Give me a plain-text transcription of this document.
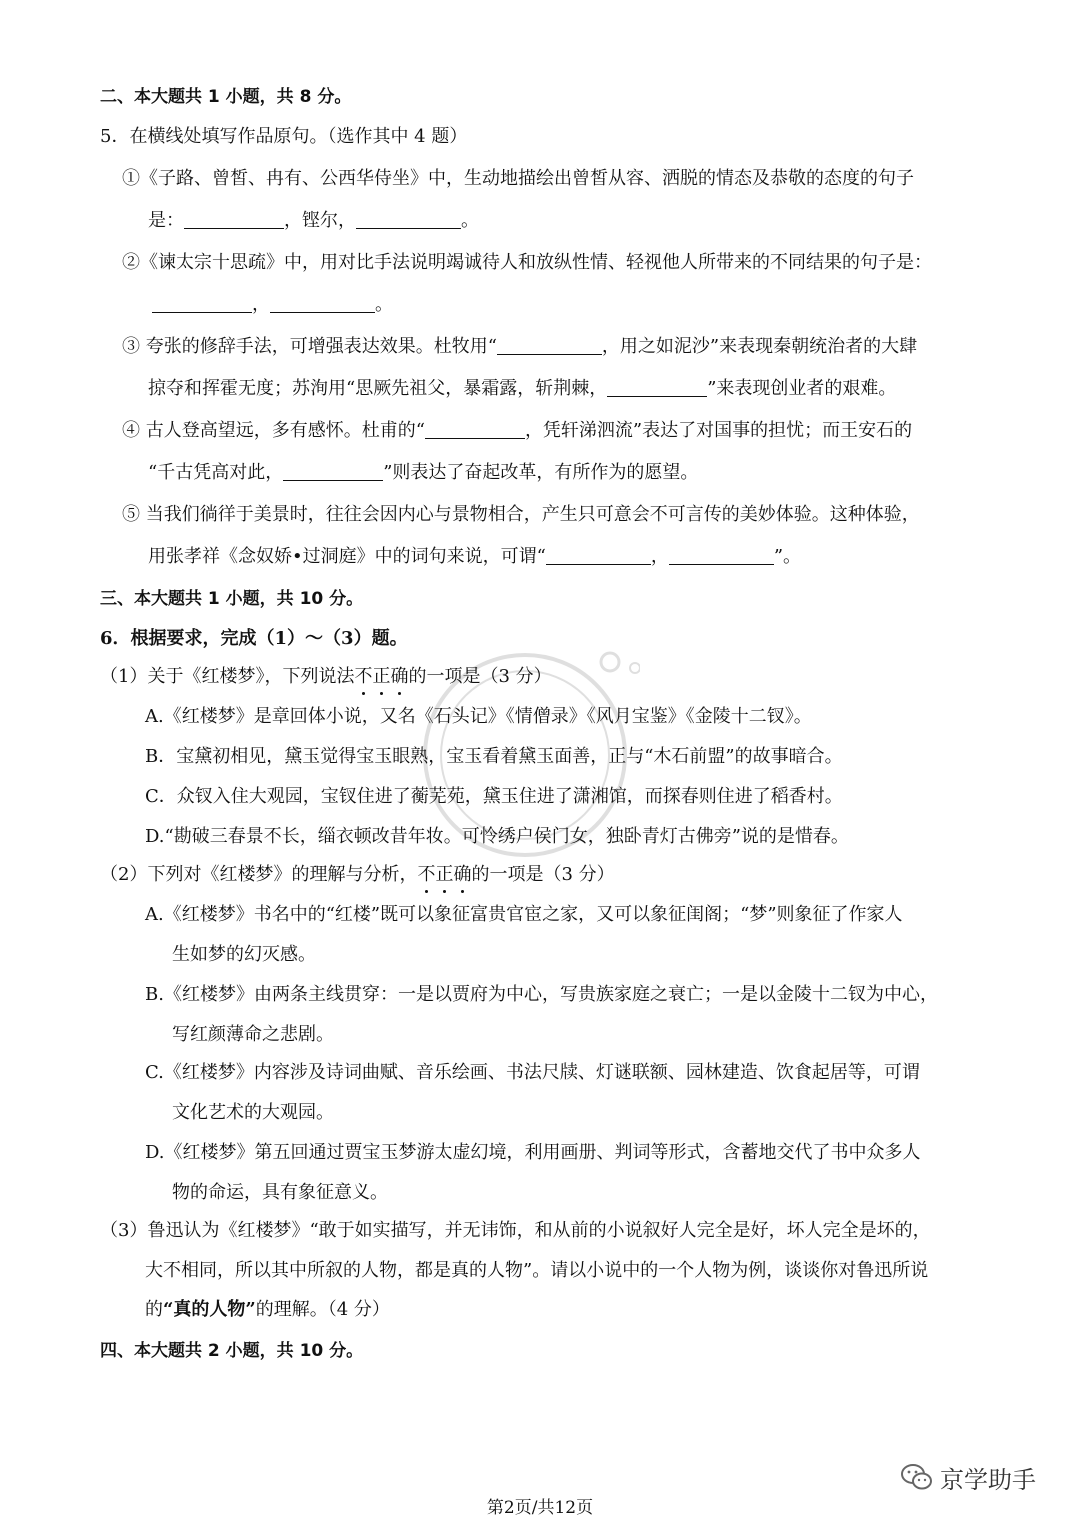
二、本大题共 1 小题，共 8 分。
5．在横线处填写作品原句。（选作其中 4 题）
①《子路、曾皙、冉有、公西华侍坐》中，生动地描绘出曾皙从容、洒脱的情态及恭敬的态度的句子
是：	，铿尔，	。
②《谏太宗十思疏》中，用对比手法说明竭诚待人和放纵性情、轻视他人所带来的不同结果的句子是：
，	。
③ 夸张的修辞手法，可增强表达效果。杜牧用“	，用之如泥沙”来表现秦朝统治者的大肆
掠夺和挥霍无度；苏洵用“思厥先祖父，暴霜露，斩荆棘，	”来表现创业者的艰难。
④ 古人登高望远，多有感怀。杜甫的“	，凭轩涕泗流”表达了对国事的担忧；而王安石的
“千古凭高对此，	”则表达了奋起改革，有所作为的愿望。
⑤ 当我们徜徉于美景时，往往会因内心与景物相合，产生只可意会不可言传的美妙体验。这种体验，
用张孝祥《念奴娇•过洞庭》中的词句来说，可谓“	，	”。
三、本大题共 1 小题，共 10 分。
6．根据要求，完成（1）～（3）题。
（1）关于《红楼梦》，下列说法不
正
确
的一项是（3 分）
A.《红楼梦》是章回体小说，又名《石头记》《情僧录》《风月宝鉴》《金陵十二钗》。
B．宝黛初相见，黛玉觉得宝玉眼熟，宝玉看着黛玉面善，正与“木石前盟”的故事暗合。
C．众钗入住大观园，宝钗住进了蘅芜苑，黛玉住进了潇湘馆，而探春则住进了稻香村。
D.“勘破三春景不长，缁衣顿改昔年妆。可怜绣户侯门女，独卧青灯古佛旁”说的是惜春。
（2）下列对《红楼梦》的理解与分析，不
正
确
的一项是（3 分）
A.《红楼梦》书名中的“红楼”既可以象征富贵官宦之家，又可以象征闺阁；“梦”则象征了作家人
生如梦的幻灭感。
B.《红楼梦》由两条主线贯穿：一是以贾府为中心，写贵族家庭之衰亡；一是以金陵十二钗为中心，
写红颜薄命之悲剧。
C.《红楼梦》内容涉及诗词曲赋、音乐绘画、书法尺牍、灯谜联额、园林建造、饮食起居等，可谓
文化艺术的大观园。
D.《红楼梦》第五回通过贾宝玉梦游太虚幻境，利用画册、判词等形式，含蓄地交代了书中众多人
物的命运，具有象征意义。
（3）鲁迅认为《红楼梦》“敢于如实描写，并无讳饰，和从前的小说叙好人完全是好，坏人完全是坏的，
大不相同，所以其中所叙的人物，都是真的人物”。请以小说中的一个人物为例，谈谈你对鲁迅所说
的“真的人物”的理解。（4 分）
四、本大题共 2 小题，共 10 分。
京学助手
第2页/共12页
